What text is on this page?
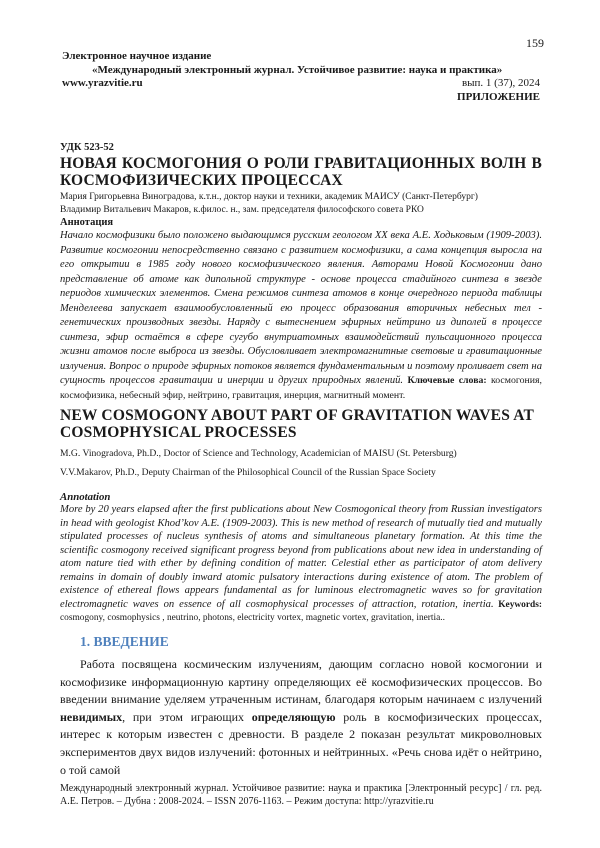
159
Электронное научное издание
«Международный электронный журнал. Устойчивое развитие: наука и практика»
www.yrazvitie.ru	вып. 1 (37), 2024
ПРИЛОЖЕНИЕ
УДК 523-52
НОВАЯ КОСМОГОНИЯ О РОЛИ ГРАВИТАЦИОННЫХ ВОЛН В КОСМОФИЗИЧЕСКИХ ПРОЦЕССАХ
Мария Григорьевна Виноградова, к.т.н., доктор науки и техники, академик МАИСУ (Санкт-Петербург)
Владимир Витальевич Макаров, к.филос. н., зам. председателя философского совета РКО
Аннотация
Начало космофизики было положено выдающимся русским геологом XX века А.Е. Ходьковым (1909-2003). Развитие космогонии непосредственно связано с развитием космофизики, а сама концепция выросла на его открытии в 1985 году нового космофизического явления. Авторами Новой Космогонии дано представление об атоме как дипольной структуре - основе процесса стадийного синтеза в звезде периодов химических элементов. Смена режимов синтеза атомов в конце очередного периода таблицы Менделеева запускает взаимообусловленный ею процесс образования вторичных небесных тел - генетических производных звезды. Наряду с вытеснением эфирных нейтрино из диполей в процессе синтеза, эфир остаётся в сфере сугубо внутриатомных взаимодействий пульсационного процесса жизни атомов после выброса из звезды. Обусловливает электромагнитные световые и гравитационные излучения. Вопрос о природе эфирных потоков является фундаментальным и поэтому проливает свет на сущность процессов гравитации и инерции и других природных явлений. Ключевые слова: космогония, космофизика, небесный эфир, нейтрино, гравитация, инерция, магнитный момент.
NEW COSMOGONY ABOUT PART OF GRAVITATION WAVES AT COSMOPHYSICAL PROCESSES
M.G. Vinogradova, Ph.D., Doctor of Science and Technology, Academician of MAISU (St. Petersburg)
V.V.Makarov, Ph.D., Deputy Chairman of the Philosophical Council of the Russian Space Society
Annotation
More by 20 years elapsed after the first publications about New Cosmogonical theory from Russian investigators in head with geologist Khod’kov A.E. (1909-2003). This is new method of research of mutually tied and mutually stipulated processes of nucleus synthesis of atoms and simultaneous planetary formation. At this time the scientific cosmogony received significant progress beyond from publications about new idea in understanding of atom nature tied with ether by defining condition of matter. Celestial ether as participator of atom delivery remains in domain of doubly inward atomic pulsatory interactions during existence of atom. The problem of existence of ethereal flows appears fundamental as for luminous electromagnetic waves so for gravitation electromagnetic waves on essence of all cosmophysical processes of attraction, rotation, inertia. Keywords: cosmogony, cosmophysics , neutrino, photons, electricity vortex, magnetic vortex, gravitation, inertia..
1. ВВЕДЕНИЕ
Работа посвящена космическим излучениям, дающим согласно новой космогонии и космофизике информационную картину определяющих её космофизических процессов. Во введении внимание уделяем утраченным истинам, благодаря которым начинаем с излучений невидимых, при этом играющих определяющую роль в космофизических процессах, интерес к которым известен с древности. В разделе 2 показан результат микроволновых экспериментов двух видов излучений: фотонных и нейтринных. «Речь снова идёт о нейтрино, о той самой
Международный электронный журнал. Устойчивое развитие: наука и практика [Электронный ресурс] / гл. ред. А.Е. Петров. – Дубна : 2008-2024. – ISSN 2076-1163. – Режим доступа: http://yrazvitie.ru
